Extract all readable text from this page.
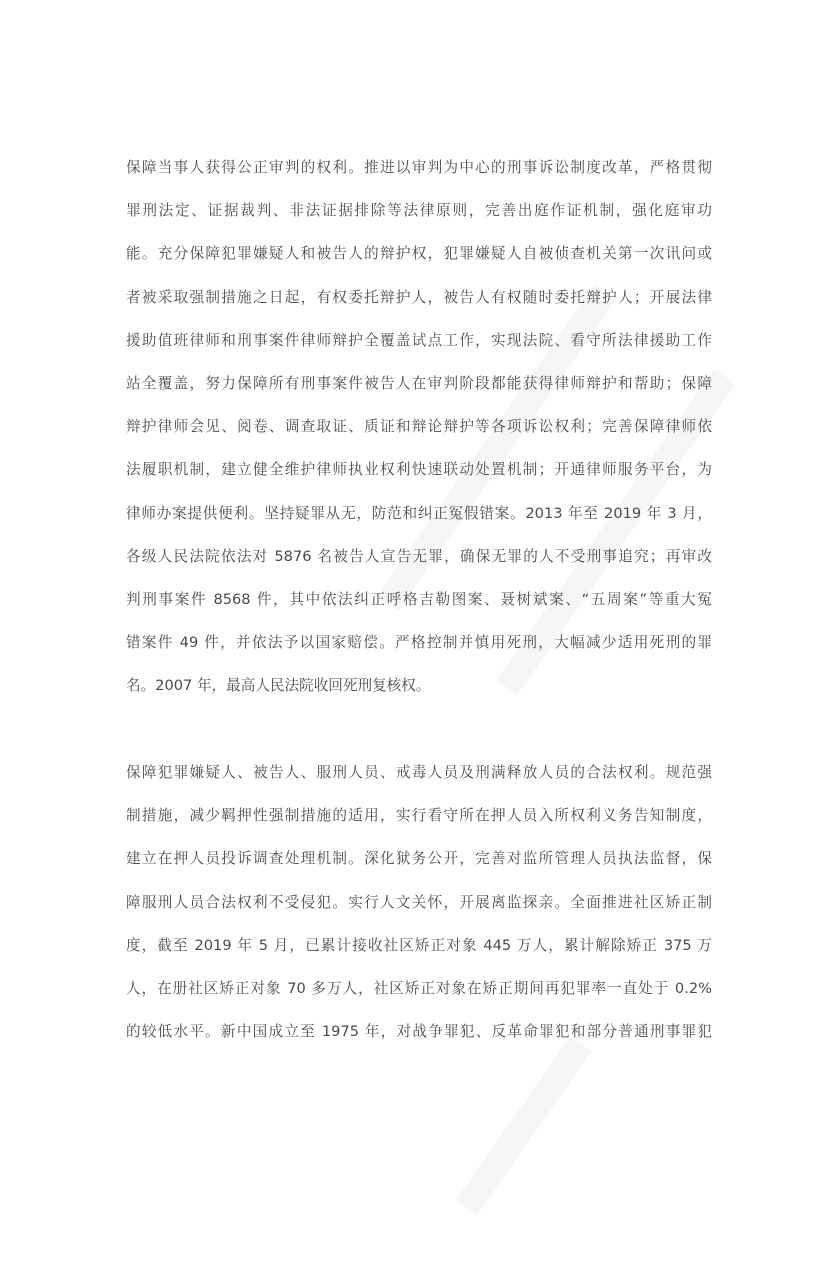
保障当事人获得公正审判的权利。推进以审判为中心的刑事诉讼制度改革，严格贯彻
罪刑法定、证据裁判、非法证据排除等法律原则，完善出庭作证机制，强化庭审功
能。充分保障犯罪嫌疑人和被告人的辩护权，犯罪嫌疑人自被侦查机关第一次讯问或
者被采取强制措施之日起，有权委托辩护人，被告人有权随时委托辩护人；开展法律
援助值班律师和刑事案件律师辩护全覆盖试点工作，实现法院、看守所法律援助工作
站全覆盖，努力保障所有刑事案件被告人在审判阶段都能获得律师辩护和帮助；保障
辩护律师会见、阅卷、调查取证、质证和辩论辩护等各项诉讼权利；完善保障律师依
法履职机制，建立健全维护律师执业权利快速联动处置机制；开通律师服务平台，为
律师办案提供便利。坚持疑罪从无，防范和纠正冤假错案。2013 年至 2019 年 3 月，
各级人民法院依法对 5876 名被告人宣告无罪，确保无罪的人不受刑事追究；再审改
判刑事案件 8568 件，其中依法纠正呼格吉勒图案、聂树斌案、“五周案”等重大冤
错案件 49 件，并依法予以国家赔偿。严格控制并慎用死刑，大幅减少适用死刑的罪
名。2007 年，最高人民法院收回死刑复核权。
保障犯罪嫌疑人、被告人、服刑人员、戒毒人员及刑满释放人员的合法权利。规范强
制措施，减少羁押性强制措施的适用，实行看守所在押人员入所权利义务告知制度，
建立在押人员投诉调查处理机制。深化狱务公开，完善对监所管理人员执法监督，保
障服刑人员合法权利不受侵犯。实行人文关怀，开展离监探亲。全面推进社区矫正制
度，截至 2019 年 5 月，已累计接收社区矫正对象 445 万人，累计解除矫正 375 万
人，在册社区矫正对象 70 多万人，社区矫正对象在矫正期间再犯罪率一直处于 0.2%
的较低水平。新中国成立至 1975 年，对战争罪犯、反革命罪犯和部分普通刑事罪犯
